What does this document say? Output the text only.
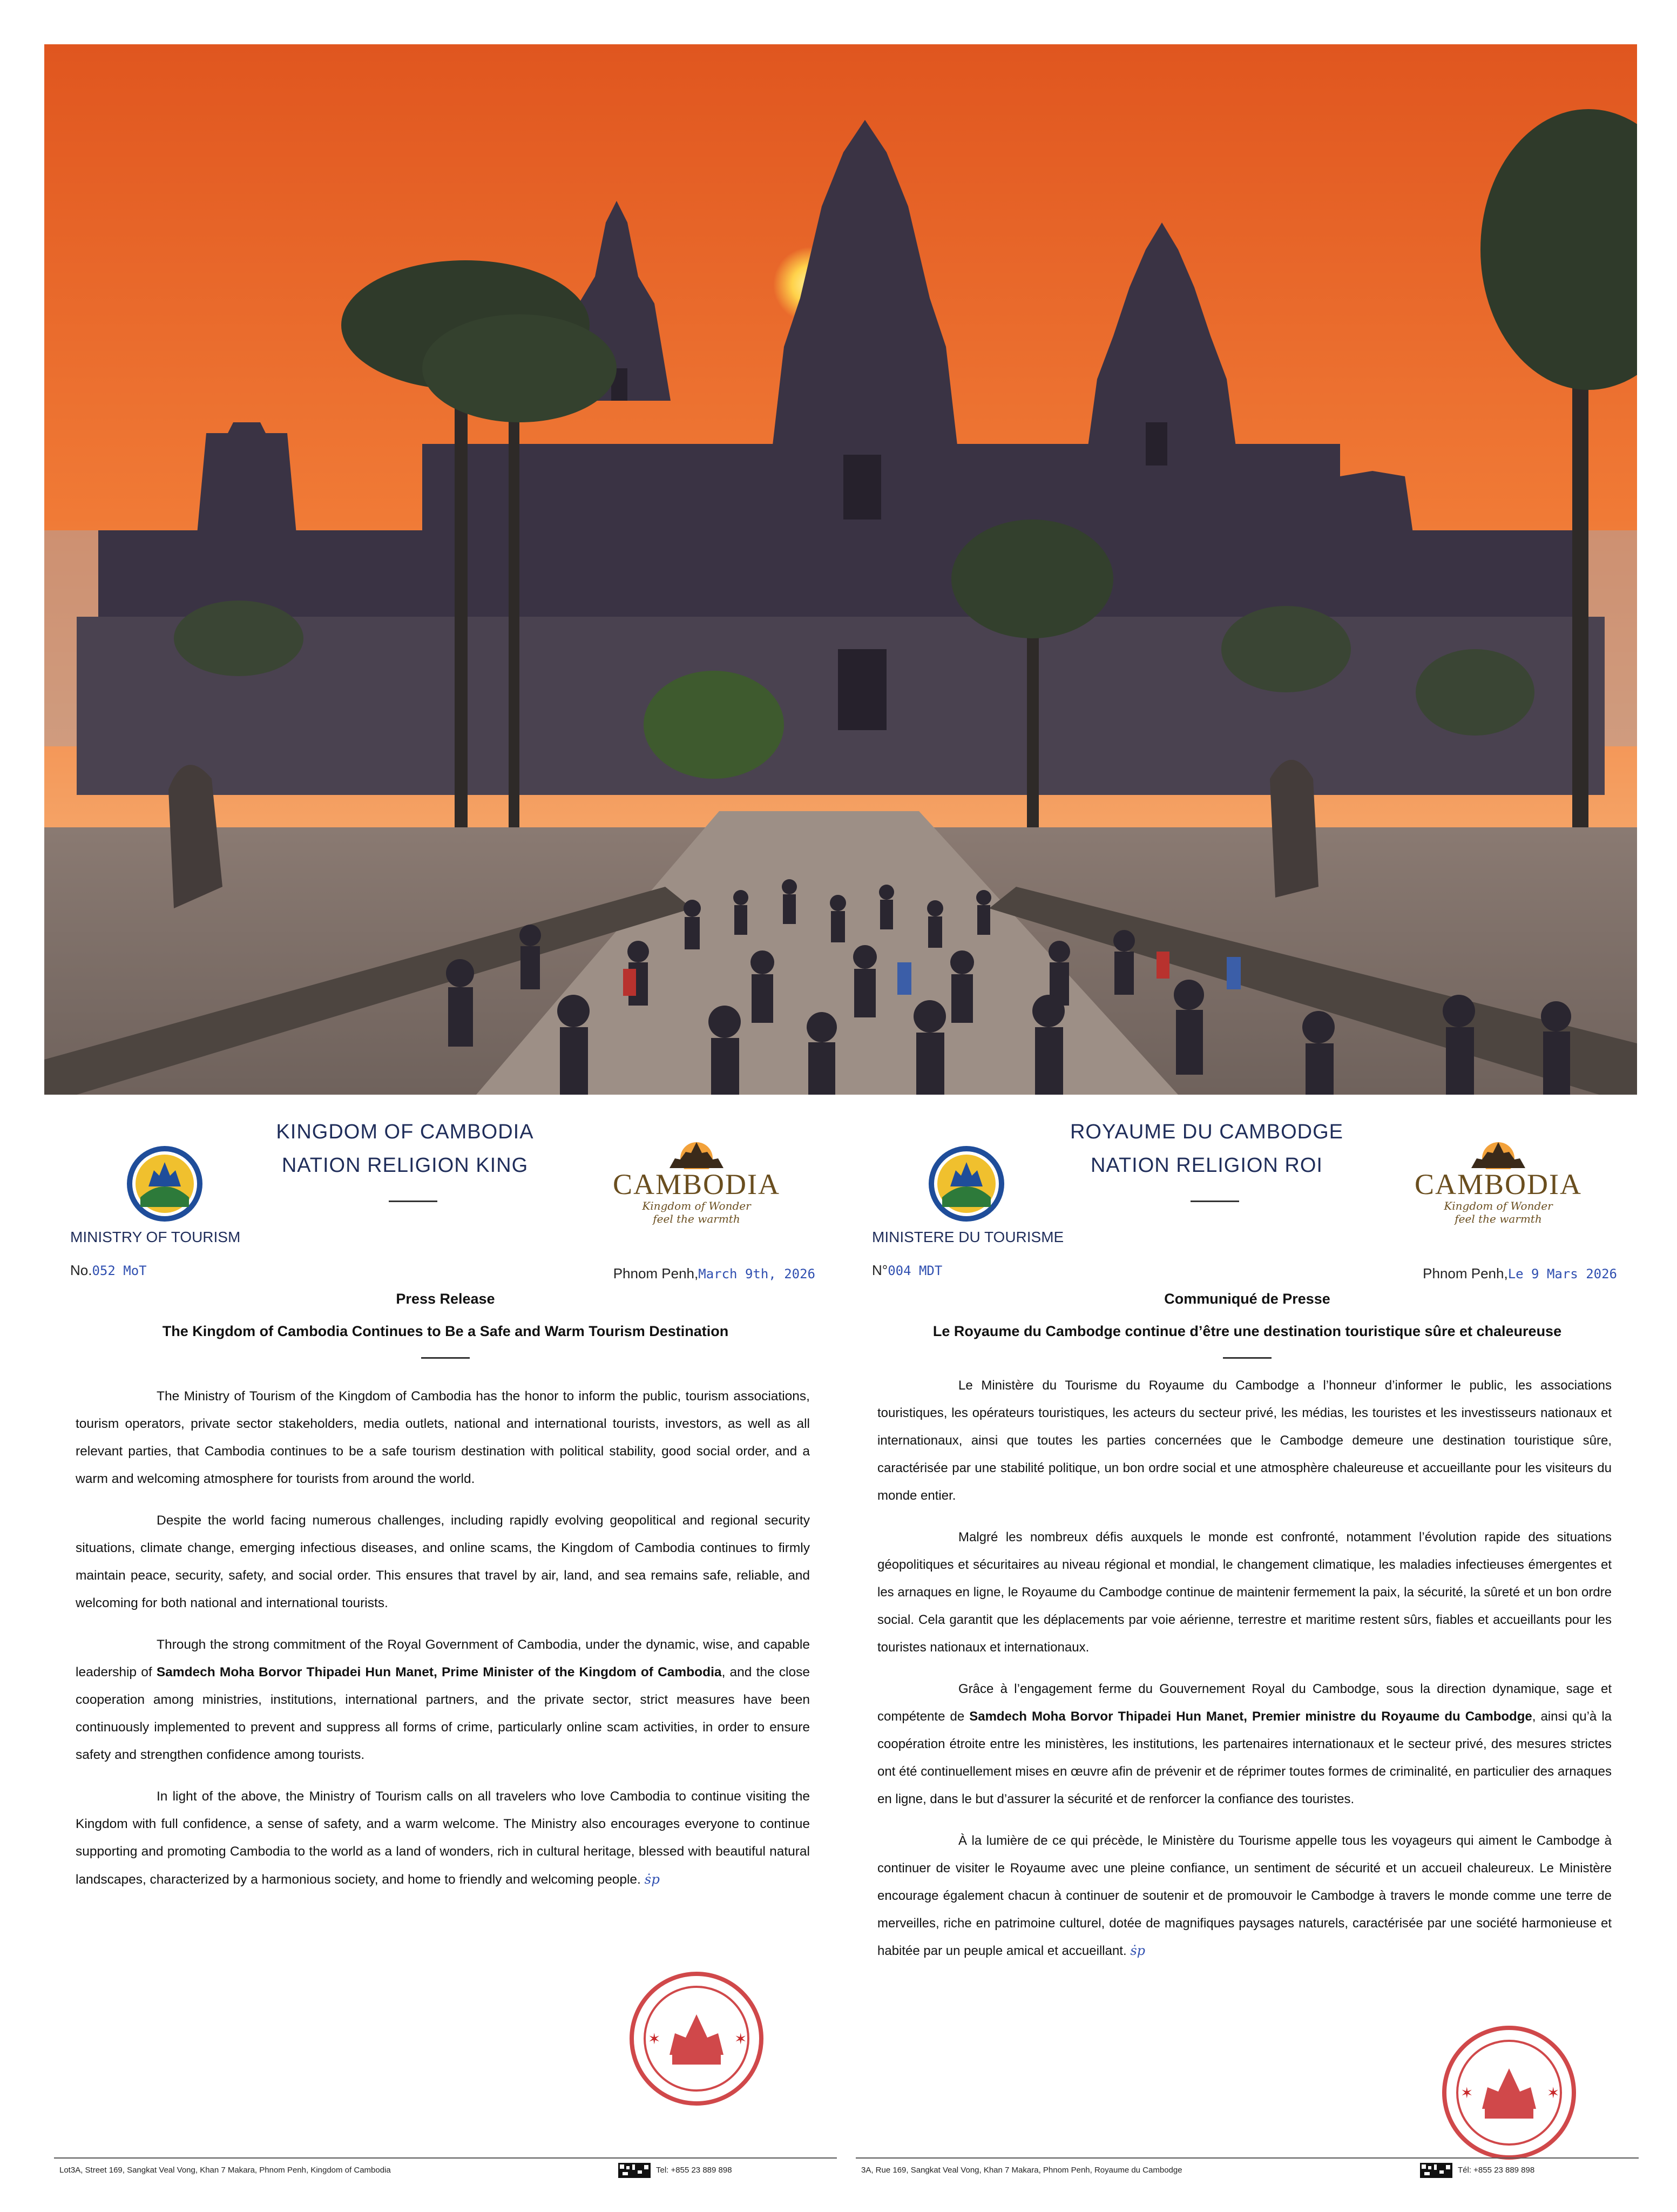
KINGDOM OF CAMBODIA
NATION RELIGION KING
CAMBODIA
Kingdom of Wonder
feel the warmth
MINISTRY OF TOURISM
No.052 MoT	Phnom Penh,March 9th, 2026
Press Release
The Kingdom of Cambodia Continues to Be a Safe and Warm Tourism Destination

The Ministry of Tourism of the Kingdom of Cambodia has the honor to inform the public, tourism associations, tourism operators, private sector stakeholders, media outlets, national and international tourists, investors, as well as all relevant parties, that Cambodia continues to be a safe tourism destination with political stability, good social order, and a warm and welcoming atmosphere for tourists from around the world.

Despite the world facing numerous challenges, including rapidly evolving geopolitical and regional security situations, climate change, emerging infectious diseases, and online scams, the Kingdom of Cambodia continues to firmly maintain peace, security, safety, and social order. This ensures that travel by air, land, and sea remains safe, reliable, and welcoming for both national and international tourists.

Through the strong commitment of the Royal Government of Cambodia, under the dynamic, wise, and capable leadership of Samdech Moha Borvor Thipadei Hun Manet, Prime Minister of the Kingdom of Cambodia, and the close cooperation among ministries, institutions, international partners, and the private sector, strict measures have been continuously implemented to prevent and suppress all forms of crime, particularly online scam activities, in order to ensure safety and strengthen confidence among tourists.

In light of the above, the Ministry of Tourism calls on all travelers who love Cambodia to continue visiting the Kingdom with full confidence, a sense of safety, and a warm welcome. The Ministry also encourages everyone to continue supporting and promoting Cambodia to the world as a land of wonders, rich in cultural heritage, blessed with beautiful natural landscapes, characterized by a harmonious society, and home to friendly and welcoming people. ṡp

✶	✶
Lot3A, Street 169, Sangkat Veal Vong, Khan 7 Makara, Phnom Penh, Kingdom of Cambodia	Tel: +855 23 889 898
ROYAUME DU CAMBODGE
NATION RELIGION ROI
CAMBODIA
Kingdom of Wonder
feel the warmth
MINISTERE DU TOURISME
N°004 MDT	Phnom Penh,Le 9 Mars 2026
Communiqué de Presse
Le Royaume du Cambodge continue d’être une destination touristique sûre et chaleureuse

Le Ministère du Tourisme du Royaume du Cambodge a l’honneur d’informer le public, les associations touristiques, les opérateurs touristiques, les acteurs du secteur privé, les médias, les touristes et les investisseurs nationaux et internationaux, ainsi que toutes les parties concernées que le Cambodge demeure une destination touristique sûre, caractérisée par une stabilité politique, un bon ordre social et une atmosphère chaleureuse et accueillante pour les visiteurs du monde entier.

Malgré les nombreux défis auxquels le monde est confronté, notamment l’évolution rapide des situations géopolitiques et sécuritaires au niveau régional et mondial, le changement climatique, les maladies infectieuses émergentes et les arnaques en ligne, le Royaume du Cambodge continue de maintenir fermement la paix, la sécurité, la sûreté et un bon ordre social. Cela garantit que les déplacements par voie aérienne, terrestre et maritime restent sûrs, fiables et accueillants pour les touristes nationaux et internationaux.

Grâce à l’engagement ferme du Gouvernement Royal du Cambodge, sous la direction dynamique, sage et compétente de Samdech Moha Borvor Thipadei Hun Manet, Premier ministre du Royaume du Cambodge, ainsi qu’à la coopération étroite entre les ministères, les institutions, les partenaires internationaux et le secteur privé, des mesures strictes ont été continuellement mises en œuvre afin de prévenir et de réprimer toutes formes de criminalité, en particulier des arnaques en ligne, dans le but d’assurer la sécurité et de renforcer la confiance des touristes.

À la lumière de ce qui précède, le Ministère du Tourisme appelle tous les voyageurs qui aiment le Cambodge à continuer de visiter le Royaume avec une pleine confiance, un sentiment de sécurité et un accueil chaleureux. Le Ministère encourage également chacun à continuer de soutenir et de promouvoir le Cambodge à travers le monde comme une terre de merveilles, riche en patrimoine culturel, dotée de magnifiques paysages naturels, caractérisée par une société harmonieuse et habitée par un peuple amical et accueillant. ṡp

✶	✶
3A, Rue 169, Sangkat Veal Vong, Khan 7 Makara, Phnom Penh, Royaume du Cambodge	Tél: +855 23 889 898
